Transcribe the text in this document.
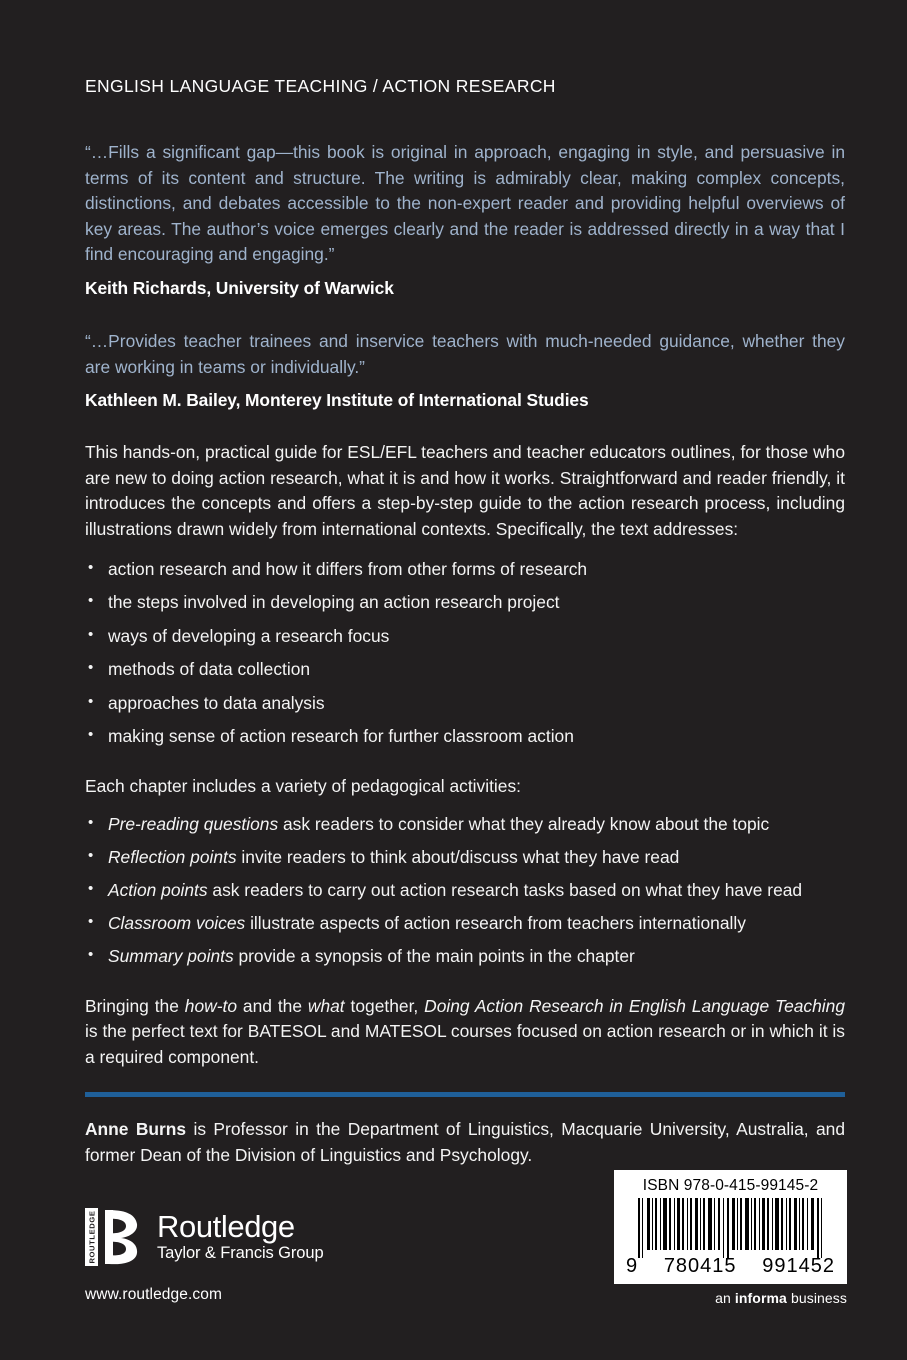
ENGLISH LANGUAGE TEACHING / ACTION RESEARCH
“…Fills a significant gap—this book is original in approach, engaging in style, and persuasive in terms of its content and structure. The writing is admirably clear, making complex concepts, distinctions, and debates accessible to the non-expert reader and providing helpful overviews of key areas. The author’s voice emerges clearly and the reader is addressed directly in a way that I find encouraging and engaging.”
Keith Richards, University of Warwick
“…Provides teacher trainees and inservice teachers with much-needed guidance, whether they are working in teams or individually.”
Kathleen M. Bailey, Monterey Institute of International Studies
This hands-on, practical guide for ESL/EFL teachers and teacher educators outlines, for those who are new to doing action research, what it is and how it works. Straightforward and reader friendly, it introduces the concepts and offers a step-by-step guide to the action research process, including illustrations drawn widely from international contexts. Specifically, the text addresses:
• action research and how it differs from other forms of research
• the steps involved in developing an action research project
• ways of developing a research focus
• methods of data collection
• approaches to data analysis
• making sense of action research for further classroom action
Each chapter includes a variety of pedagogical activities:
• Pre-reading questions ask readers to consider what they already know about the topic
• Reflection points invite readers to think about/discuss what they have read
• Action points ask readers to carry out action research tasks based on what they have read
• Classroom voices illustrate aspects of action research from teachers internationally
• Summary points provide a synopsis of the main points in the chapter
Bringing the how-to and the what together, Doing Action Research in English Language Teaching is the perfect text for BATESOL and MATESOL courses focused on action research or in which it is a required component.
Anne Burns is Professor in the Department of Linguistics, Macquarie University, Australia, and former Dean of the Division of Linguistics and Psychology.
ROUTLEDGE Routledge
Taylor & Francis Group
www.routledge.com
ISBN 978-0-415-99145-2
9 780415 991452
an informa business
